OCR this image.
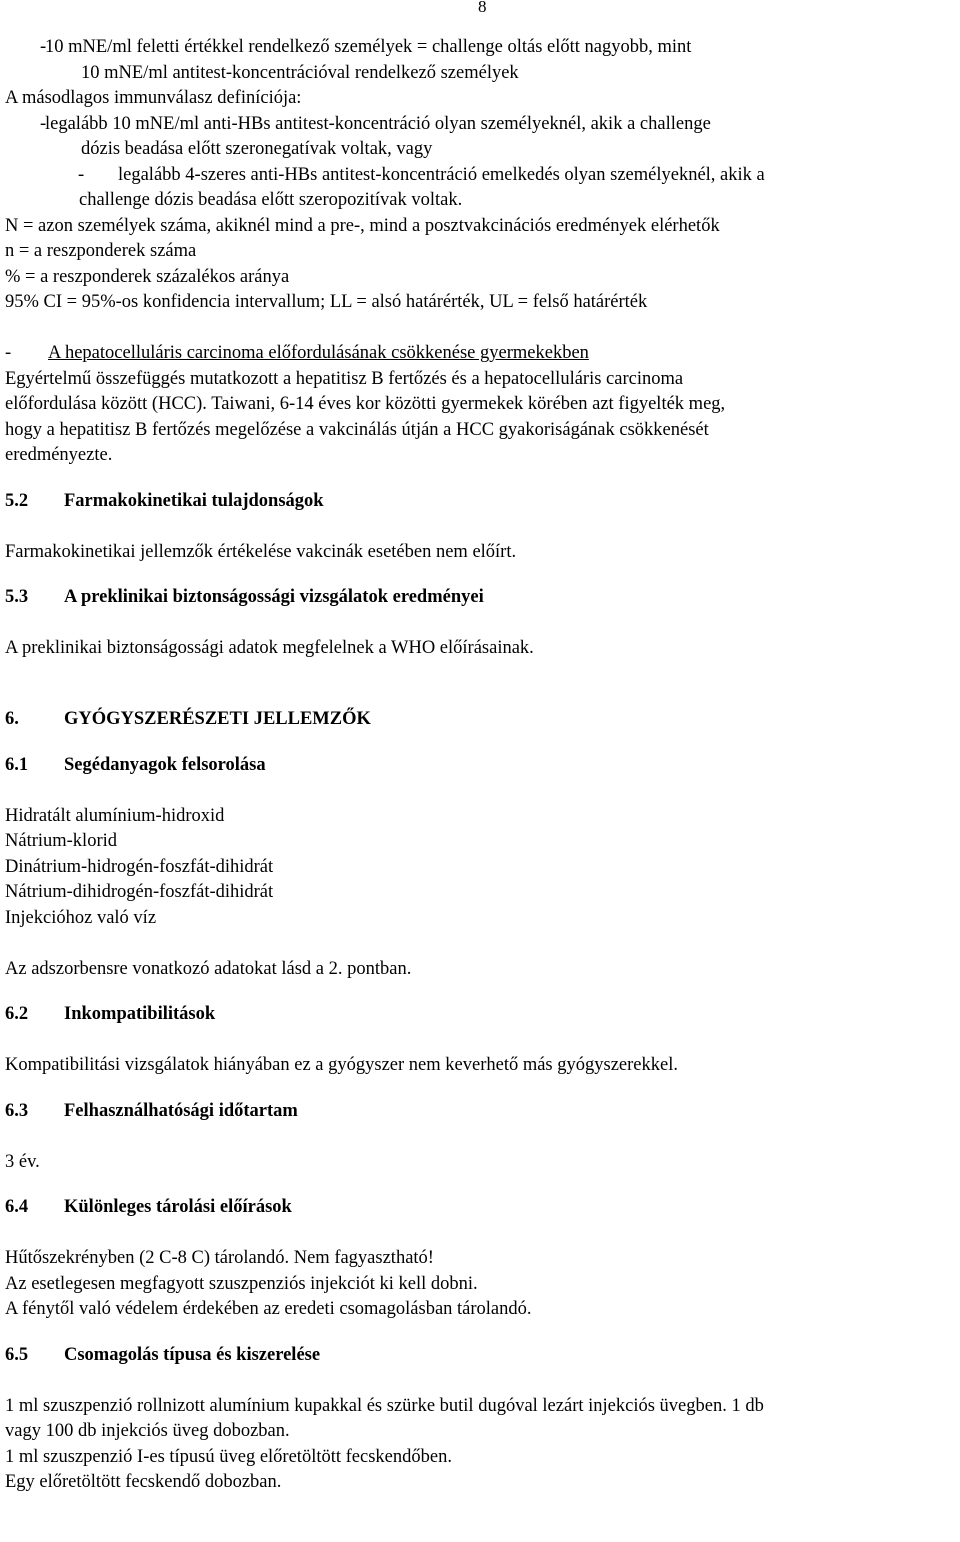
8
-10 mNE/ml feletti értékkel rendelkező személyek = challenge oltás előtt nagyobb, mint
10 mNE/ml antitest-koncentrációval rendelkező személyek
A másodlagos immunválasz definíciója:
-legalább 10 mNE/ml anti-HBs antitest-koncentráció olyan személyeknél, akik a challenge
dózis beadása előtt szeronegatívak voltak, vagy
- legalább 4-szeres anti-HBs antitest-koncentráció emelkedés olyan személyeknél, akik a
challenge dózis beadása előtt szeropozitívak voltak.
N = azon személyek száma, akiknél mind a pre-, mind a posztvakcinációs eredmények elérhetők
n = a reszponderek száma
% = a reszponderek százalékos aránya
95% CI = 95%-os konfidencia intervallum; LL = alsó határérték, UL = felső határérték
- A hepatocelluláris carcinoma előfordulásának csökkenése gyermekekben
Egyértelmű összefüggés mutatkozott a hepatitisz B fertőzés és a hepatocelluláris carcinoma
előfordulása között (HCC). Taiwani, 6-14 éves kor közötti gyermekek körében azt figyelték meg,
hogy a hepatitisz B fertőzés megelőzése a vakcinálás útján a HCC gyakoriságának csökkenését
eredményezte.
5.2 Farmakokinetikai tulajdonságok
Farmakokinetikai jellemzők értékelése vakcinák esetében nem előírt.
5.3 A preklinikai biztonságossági vizsgálatok eredményei
A preklinikai biztonságossági adatok megfelelnek a WHO előírásainak.
6. GYÓGYSZERÉSZETI JELLEMZŐK
6.1 Segédanyagok felsorolása
Hidratált alumínium-hidroxid
Nátrium-klorid
Dinátrium-hidrogén-foszfát-dihidrát
Nátrium-dihidrogén-foszfát-dihidrát
Injekcióhoz való víz
Az adszorbensre vonatkozó adatokat lásd a 2. pontban.
6.2 Inkompatibilitások
Kompatibilitási vizsgálatok hiányában ez a gyógyszer nem keverhető más gyógyszerekkel.
6.3 Felhasználhatósági időtartam
3 év.
6.4 Különleges tárolási előírások
Hűtőszekrényben (2 C-8 C) tárolandó. Nem fagyasztható!
Az esetlegesen megfagyott szuszpenziós injekciót ki kell dobni.
A fénytől való védelem érdekében az eredeti csomagolásban tárolandó.
6.5 Csomagolás típusa és kiszerelése
1 ml szuszpenzió rollnizott alumínium kupakkal és szürke butil dugóval lezárt injekciós üvegben. 1 db
vagy 100 db injekciós üveg dobozban.
1 ml szuszpenzió I-es típusú üveg előretöltött fecskendőben.
Egy előretöltött fecskendő dobozban.
